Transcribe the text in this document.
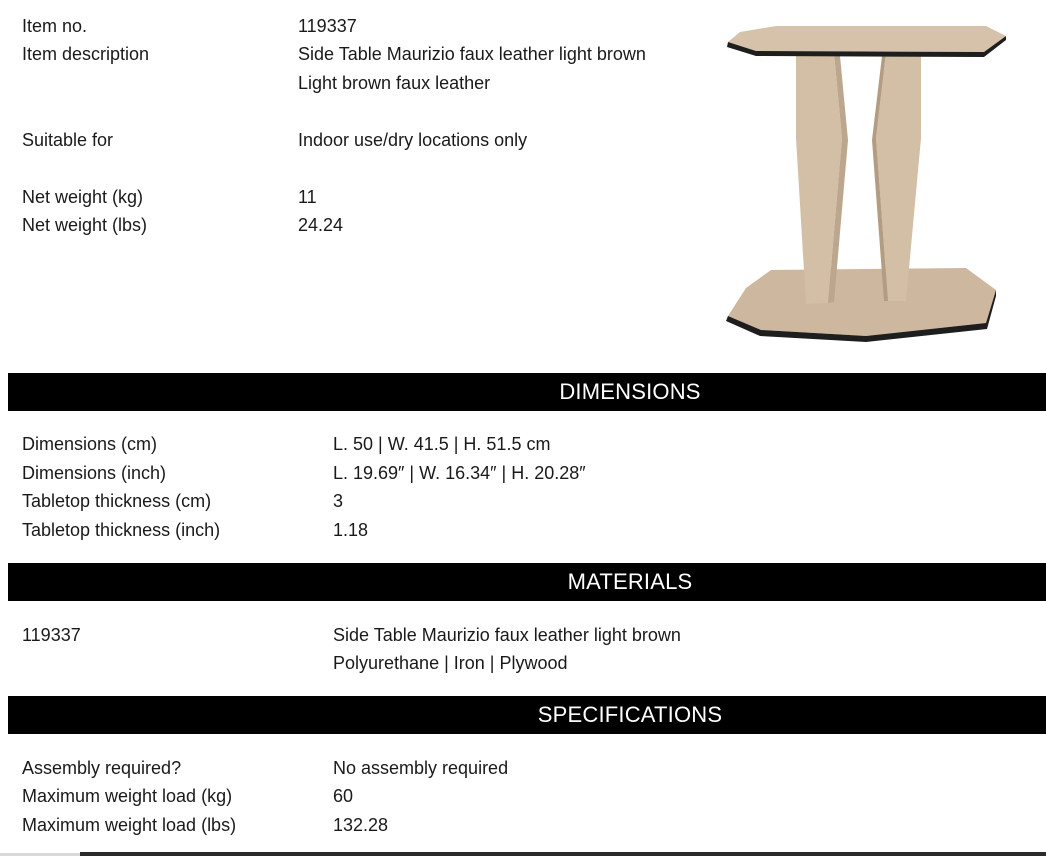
Item no.	119337
Item description	Side Table Maurizio faux leather light brown
Light brown faux leather
Suitable for	Indoor use/dry locations only
Net weight (kg)	11
Net weight (lbs)	24.24
DIMENSIONS
Dimensions (cm)	L. 50 | W. 41.5 | H. 51.5 cm
Dimensions (inch)	L. 19.69″ | W. 16.34″ | H. 20.28″
Tabletop thickness (cm)	3
Tabletop thickness (inch)	1.18
MATERIALS
119337	Side Table Maurizio faux leather light brown
Polyurethane | Iron | Plywood
SPECIFICATIONS
Assembly required?	No assembly required
Maximum weight load (kg)	60
Maximum weight load (lbs)	132.28
